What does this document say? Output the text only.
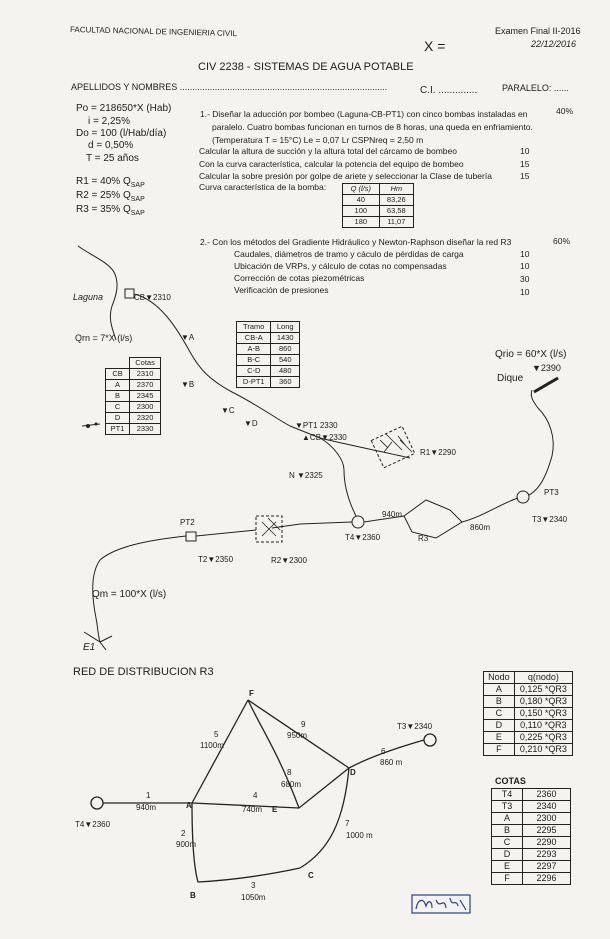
FACULTAD NACIONAL DE INGENIERIA CIVIL
X =
Examen Final II-2016
22/12/2016
CIV 2238 - SISTEMAS DE AGUA POTABLE
APELLIDOS Y NOMBRES ...................................................................................	C.I. ..............	PARALELO: ......
Po = 218650*X (Hab)
i = 2,25%
Do = 100 (l/Hab/día)
d = 0,50%
T = 25 años
R1 = 40% $Q_{SAP}$
R2 = 25% $Q_{SAP}$
R3 = 35% $Q_{SAP}$
1.- Diseñar la aducción por bombeo (Laguna-CB-PT1) con cinco bombas instaladas en	40%
paralelo. Cuatro bombas funcionan en turnos de 8 horas, una queda en enfriamiento.
(Temperatura T = 15°C) Le = 0,07 Lr CSPNreq = 2,50 m
Calcular la altura de succión y la altura total del cárcamo de bombeo	10
Con la curva característica, calcular la potencia del equipo de bombeo	15
Calcular la sobre presión por golpe de ariete y seleccionar la Clase de tubería	15
Curva característica de la bomba:	Q (l/s)	Hm
40	83,26
100	63,58
180	11,07
2.- Con los métodos del Gradiente Hidráulico y Newton-Raphson diseñar la red R3	60%
Caudales, diámetros de tramo y cáculo de pérdidas de carga	10
Ubicación de VRPs, y cálculo de cotas no compensadas	10
Corrección de cotas piezométricas	30
Verificación de presiones	10
Laguna	CB▼2310
Qrn = 7*X (l/s)	▼A
▼B
▼C
▼D
	Cotas
CB	2310
A	2370
B	2345
C	2300
D	2320
PT1	2330
Tramo	Long
CB-A	1430
A-B	860
B-C	540
C-D	480
D-PT1	360
Qrio = 60*X (l/s)
▼2390
Dique
▼PT1 2330
▲CB▼2330
R1▼2290
N ▼2325
PT3
T3▼2340
940m
860m
T4▼2360	R3
PT2
T2▼2350	R2▼2300
Qm = 100*X (l/s)
E1
RED DE DISTRIBUCION R3
F
A
B
C
D
E
T4▼2360
T3▼2340
1
940m
2
900m
3
1050m
4
740m
5
1100m
6
860 m
7
1000 m
8
680m
9
950m
Nodo	q(nodo)
A	0,125 *QR3
B	0,180 *QR3
C	0,150 *QR3
D	0,110 *QR3
E	0,225 *QR3
F	0,210 *QR3
COTAS
T4	2360
T3	2340
A	2300
B	2295
C	2290
D	2293
E	2297
F	2296
